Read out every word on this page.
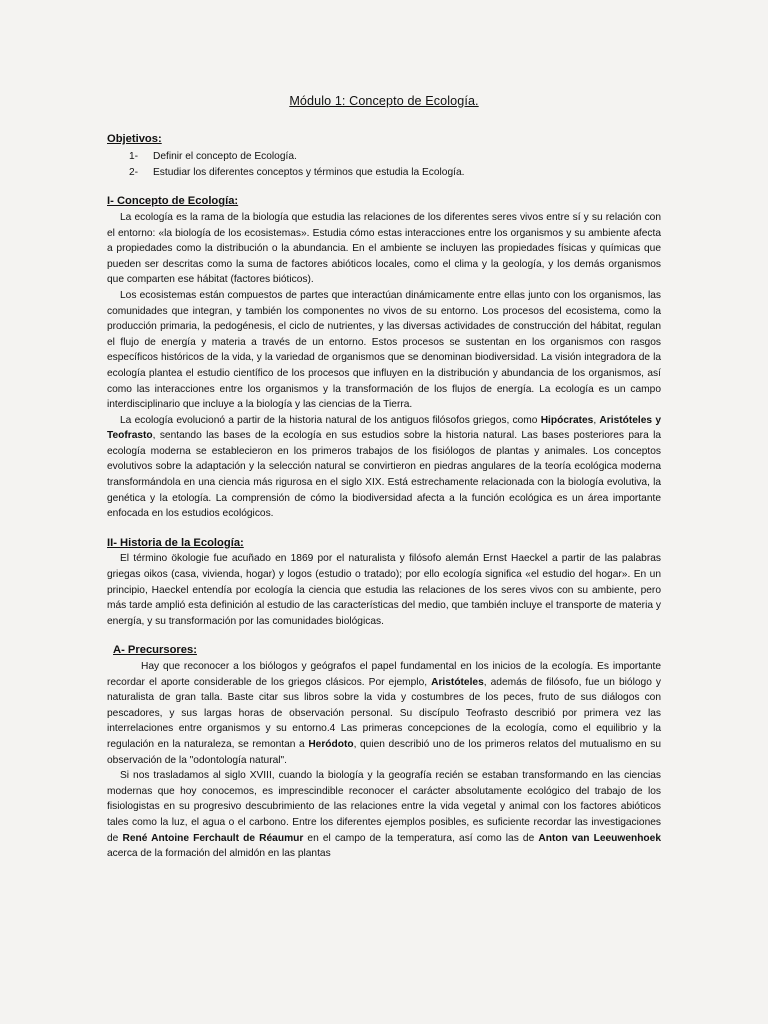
Módulo 1: Concepto de Ecología.
Objetivos:
1-	Definir el concepto de Ecología.
2-	Estudiar los diferentes conceptos y términos que estudia la Ecología.
I- Concepto de Ecología:

La ecología es la rama de la biología que estudia las relaciones de los diferentes seres vivos entre sí y su relación con el entorno: «la biología de los ecosistemas». Estudia cómo estas interacciones entre los organismos y su ambiente afecta a propiedades como la distribución o la abundancia. En el ambiente se incluyen las propiedades físicas y químicas que pueden ser descritas como la suma de factores abióticos locales, como el clima y la geología, y los demás organismos que comparten ese hábitat (factores bióticos).

Los ecosistemas están compuestos de partes que interactúan dinámicamente entre ellas junto con los organismos, las comunidades que integran, y también los componentes no vivos de su entorno. Los procesos del ecosistema, como la producción primaria, la pedogénesis, el ciclo de nutrientes, y las diversas actividades de construcción del hábitat, regulan el flujo de energía y materia a través de un entorno. Estos procesos se sustentan en los organismos con rasgos específicos históricos de la vida, y la variedad de organismos que se denominan biodiversidad. La visión integradora de la ecología plantea el estudio científico de los procesos que influyen en la distribución y abundancia de los organismos, así como las interacciones entre los organismos y la transformación de los flujos de energía. La ecología es un campo interdisciplinario que incluye a la biología y las ciencias de la Tierra.

La ecología evolucionó a partir de la historia natural de los antiguos filósofos griegos, como Hipócrates, Aristóteles y Teofrasto, sentando las bases de la ecología en sus estudios sobre la historia natural. Las bases posteriores para la ecología moderna se establecieron en los primeros trabajos de los fisiólogos de plantas y animales. Los conceptos evolutivos sobre la adaptación y la selección natural se convirtieron en piedras angulares de la teoría ecológica moderna transformándola en una ciencia más rigurosa en el siglo XIX. Está estrechamente relacionada con la biología evolutiva, la genética y la etología. La comprensión de cómo la biodiversidad afecta a la función ecológica es un área importante enfocada en los estudios ecológicos.

II- Historia de la Ecología:

El término ökologie fue acuñado en 1869 por el naturalista y filósofo alemán Ernst Haeckel a partir de las palabras griegas oikos (casa, vivienda, hogar) y logos (estudio o tratado); por ello ecología significa «el estudio del hogar». En un principio, Haeckel entendía por ecología la ciencia que estudia las relaciones de los seres vivos con su ambiente, pero más tarde amplió esta definición al estudio de las características del medio, que también incluye el transporte de materia y energía, y su transformación por las comunidades biológicas.

A- Precursores:

Hay que reconocer a los biólogos y geógrafos el papel fundamental en los inicios de la ecología. Es importante recordar el aporte considerable de los griegos clásicos. Por ejemplo, Aristóteles, además de filósofo, fue un biólogo y naturalista de gran talla. Baste citar sus libros sobre la vida y costumbres de los peces, fruto de sus diálogos con pescadores, y sus largas horas de observación personal. Su discípulo Teofrasto describió por primera vez las interrelaciones entre organismos y su entorno.4 Las primeras concepciones de la ecología, como el equilibrio y la regulación en la naturaleza, se remontan a Heródoto, quien describió uno de los primeros relatos del mutualismo en su observación de la "odontología natural".

Si nos trasladamos al siglo XVIII, cuando la biología y la geografía recién se estaban transformando en las ciencias modernas que hoy conocemos, es imprescindible reconocer el carácter absolutamente ecológico del trabajo de los fisiologistas en su progresivo descubrimiento de las relaciones entre la vida vegetal y animal con los factores abióticos tales como la luz, el agua o el carbono. Entre los diferentes ejemplos posibles, es suficiente recordar las investigaciones de René Antoine Ferchault de Réaumur en el campo de la temperatura, así como las de Anton van Leeuwenhoek acerca de la formación del almidón en las plantas
